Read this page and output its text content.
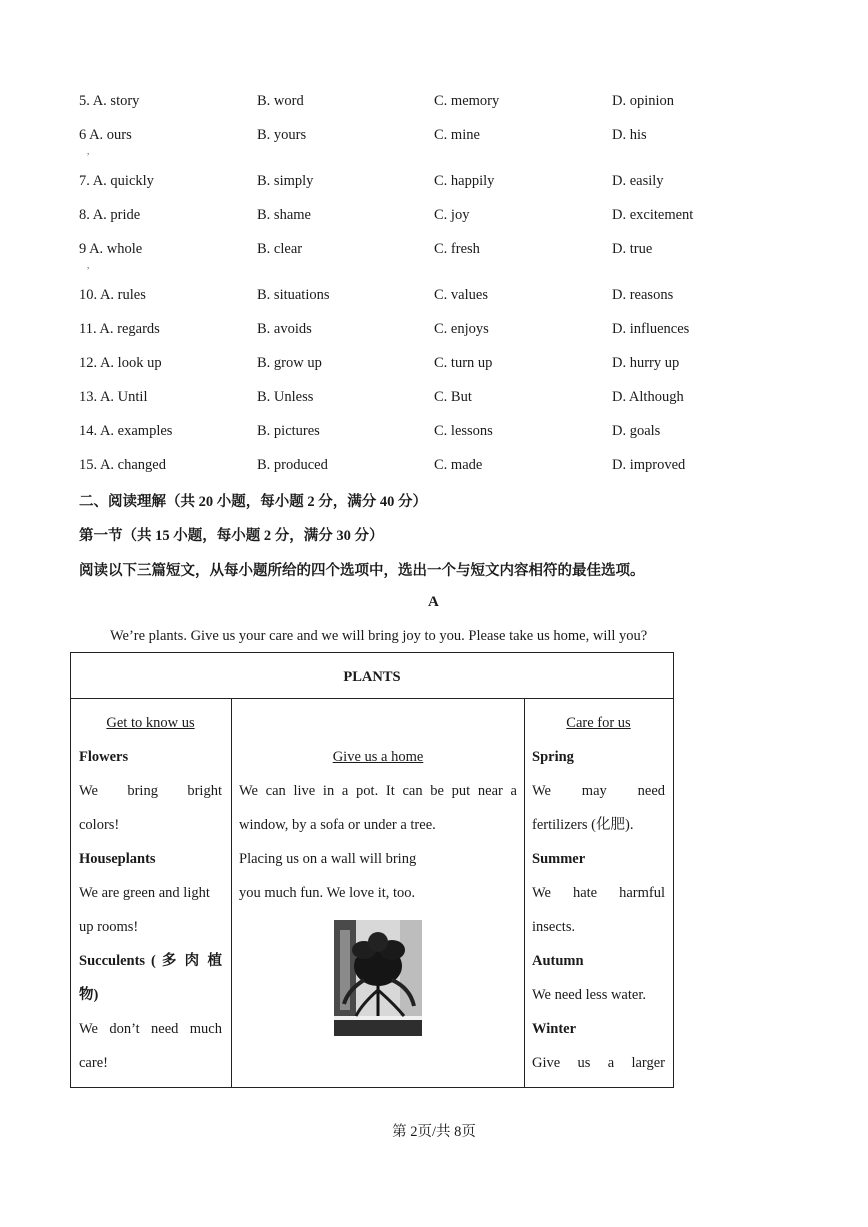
5. A. story	B. word	C. memory	D. opinion
6 A. ours	B. yours	C. mine	D. his
7. A. quickly	B. simply	C. happily	D. easily
8. A. pride	B. shame	C. joy	D. excitement
9 A. whole	B. clear	C. fresh	D. true
10. A. rules	B. situations	C. values	D. reasons
11. A. regards	B. avoids	C. enjoys	D. influences
12. A. look up	B. grow up	C. turn up	D. hurry up
13. A. Until	B. Unless	C. But	D. Although
14. A. examples	B. pictures	C. lessons	D. goals
15. A. changed	B. produced	C. made	D. improved
,
,
二、阅读理解（共 20 小题，每小题 2 分，满分 40 分）
第一节（共 15 小题，每小题 2 分，满分 30 分）
阅读以下三篇短文，从每小题所给的四个选项中，选出一个与短文内容相符的最佳选项。
A
We’re plants. Give us your care and we will bring joy to you. Please take us home, will you?
PLANTS
Get to know us
Flowers
We bring bright
colors!
Houseplants
We are green and light
up rooms!
Succulents ( 多 肉 植
物)
We don’t need much
care!

Give us a home
We can live in a pot. It can be put near a
window, by a sofa or under a tree.
Placing us on a wall will bring
you much fun. We love it, too.
Care for us
Spring
We may need
fertilizers (化肥).
Summer
We hate harmful
insects.
Autumn
We need less water.
Winter
Give us a larger
第 2页/共 8页
